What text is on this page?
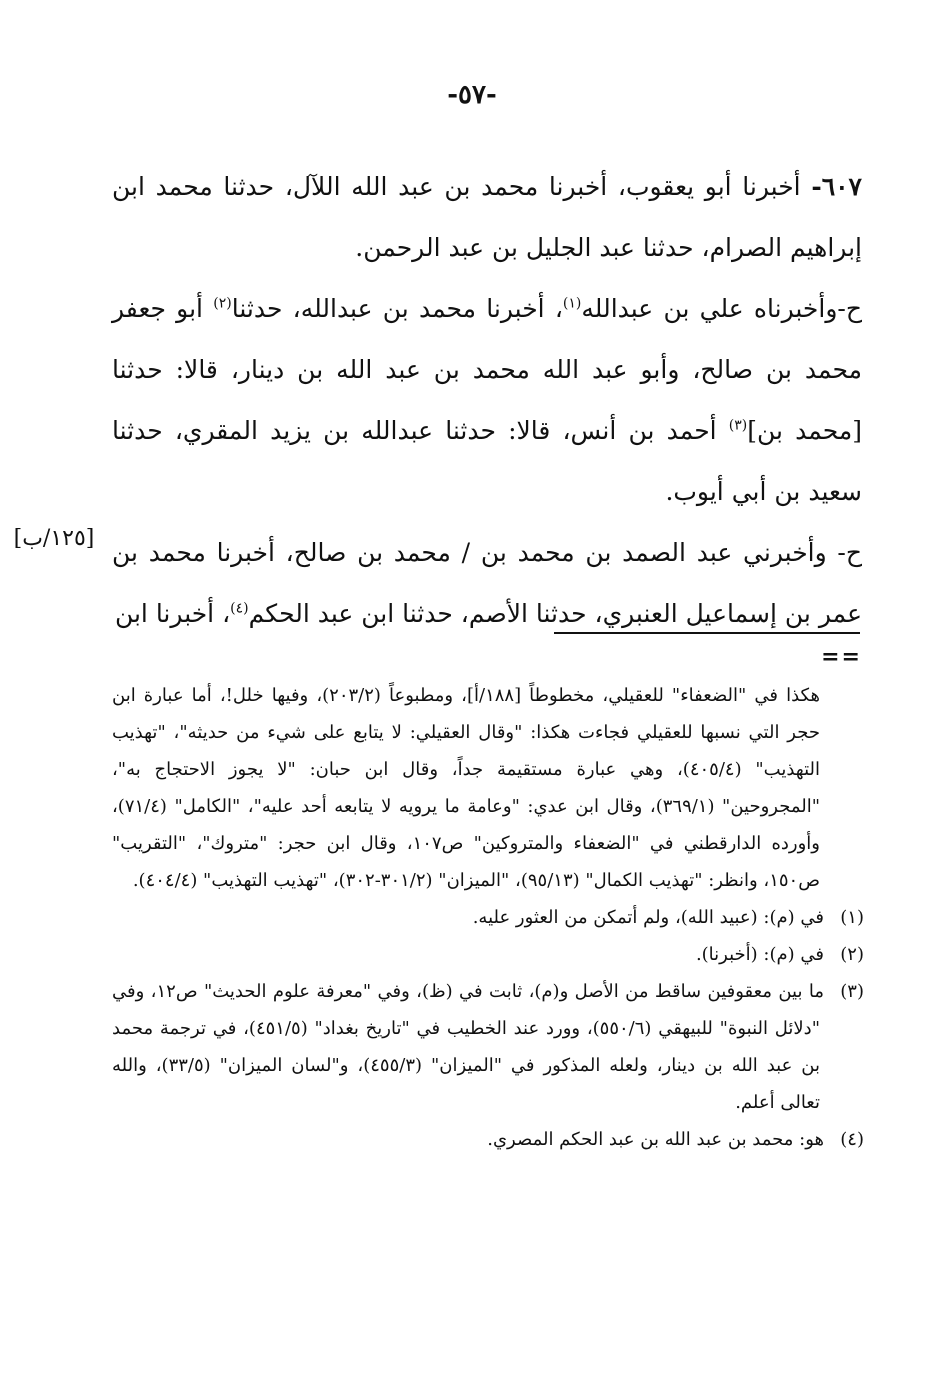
-٥٧-

٦٠٧- أخبرنا أبو يعقوب، أخبرنا محمد بن عبد الله اللآل، حدثنا محمد ابن إبراهيم الصرام، حدثنا عبد الجليل بن عبد الرحمن.

ح-وأخبرناه علي بن عبدالله$^{(١)}$، أخبرنا محمد بن عبدالله، حدثنا$^{(٢)}$ أبو جعفر محمد بن صالح، وأبو عبد الله محمد بن عبد الله بن دينار، قالا: حدثنا [محمد بن]$^{(٣)}$ أحمد بن أنس، قالا: حدثنا عبدالله بن يزيد المقري، حدثنا سعيد بن أبي أيوب.

ح- وأخبرني عبد الصمد بن محمد بن / محمد بن صالح، أخبرنا محمد بن عمر بن إسماعيل العنبري، حدثنا الأصم، حدثنا ابن عبد الحكم$^{(٤)}$، أخبرنا ابن

[١٢٥/ب]
==

هكذا في "الضعفاء" للعقيلي، مخطوطاً [١٨٨/أ]، ومطبوعاً (٢٠٣/٢)، وفيها خلل!، أما عبارة ابن حجر التي نسبها للعقيلي فجاءت هكذا: "وقال العقيلي: لا يتابع على شيء من حديثه"، "تهذيب التهذيب" (٤٠٥/٤)، وهي عبارة مستقيمة جداً، وقال ابن حبان: "لا يجوز الاحتجاج به"، "المجروحين" (٣٦٩/١)، وقال ابن عدي: "وعامة ما يرويه لا يتابعه أحد عليه"، "الكامل" (٧١/٤)، وأورده الدارقطني في "الضعفاء والمتروكين" ص١٠٧، وقال ابن حجر: "متروك"، "التقريب" ص١٥٠، وانظر: "تهذيب الكمال" (٩٥/١٣)، "الميزان" (٣٠١/٢-٣٠٢)، "تهذيب التهذيب" (٤٠٤/٤).

(١)في (م): (عبيد الله)، ولم أتمكن من العثور عليه.

(٢)في (م): (أخبرنا).

(٣)ما بين معقوفين ساقط من الأصل و(م)، ثابت في (ظ)، وفي "معرفة علوم الحديث" ص١٢، وفي "دلائل النبوة" للبيهقي (٥٥٠/٦)، وورد عند الخطيب في "تاريخ بغداد" (٤٥١/٥)، في ترجمة محمد بن عبد الله بن دينار، ولعله المذكور في "الميزان" (٤٥٥/٣)، و"لسان الميزان" (٣٣/٥)، والله تعالى أعلم.

(٤)هو: محمد بن عبد الله بن عبد الحكم المصري.
